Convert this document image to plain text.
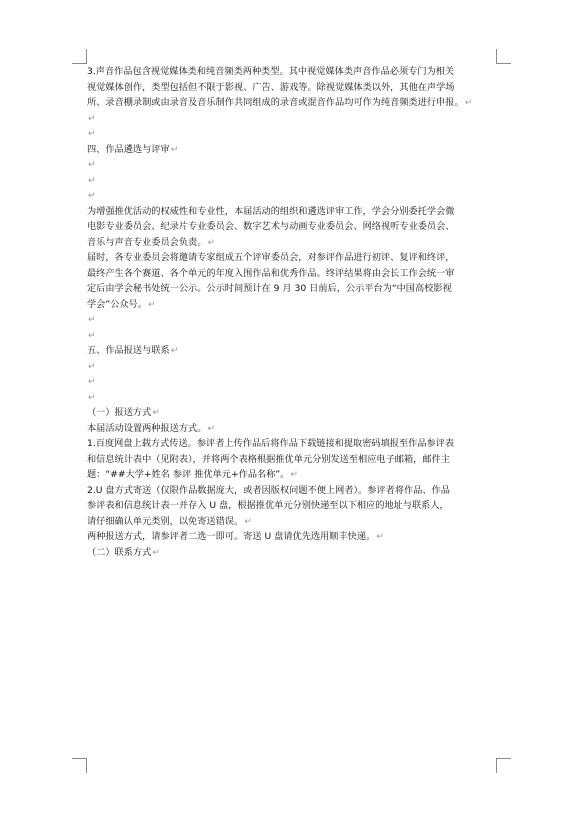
3.声音作品包含视觉媒体类和纯音频类两种类型。其中视觉媒体类声音作品必须专门为相关
视觉媒体创作，类型包括但不限于影视、广告、游戏等。除视觉媒体类以外，其他在声学场
所、录音棚录制或由录音及音乐制作共同组成的录音或混音作品均可作为纯音频类进行申报。↵
↵
↵
四、作品遴选与评审↵
↵
↵
↵
为增强推优活动的权威性和专业性，本届活动的组织和遴选评审工作，学会分别委托学会微
电影专业委员会、纪录片专业委员会、数字艺术与动画专业委员会、网络视听专业委员会、
音乐与声音专业委员会负责。↵
届时，各专业委员会将邀请专家组成五个评审委员会，对参评作品进行初评、复评和终评，
最终产生各个赛道、各个单元的年度入围作品和优秀作品。终评结果将由会长工作会统一审
定后由学会秘书处统一公示。公示时间预计在 9 月 30 日前后，公示平台为“中国高校影视
学会”公众号。↵
↵
↵
五、作品报送与联系↵
↵
↵
↵
（一）报送方式↵
本届活动设置两种报送方式。↵
1.百度网盘上载方式传送。参评者上传作品后将作品下载链接和提取密码填报至作品参评表
和信息统计表中（见附表），并将两个表格根据推优单元分别发送至相应电子邮箱，邮件主
题：“##大学+姓名 参评 推优单元+作品名称”。↵
2.U 盘方式寄送（仅限作品数据庞大，或者因版权问题不便上网者）。参评者将作品、作品
参评表和信息统计表一并存入 U 盘，根据推优单元分别快递至以下相应的地址与联系人，
请仔细确认单元类别，以免寄送错误。↵
两种报送方式，请参评者二选一即可。寄送 U 盘请优先选用顺丰快递。↵
（二）联系方式↵
